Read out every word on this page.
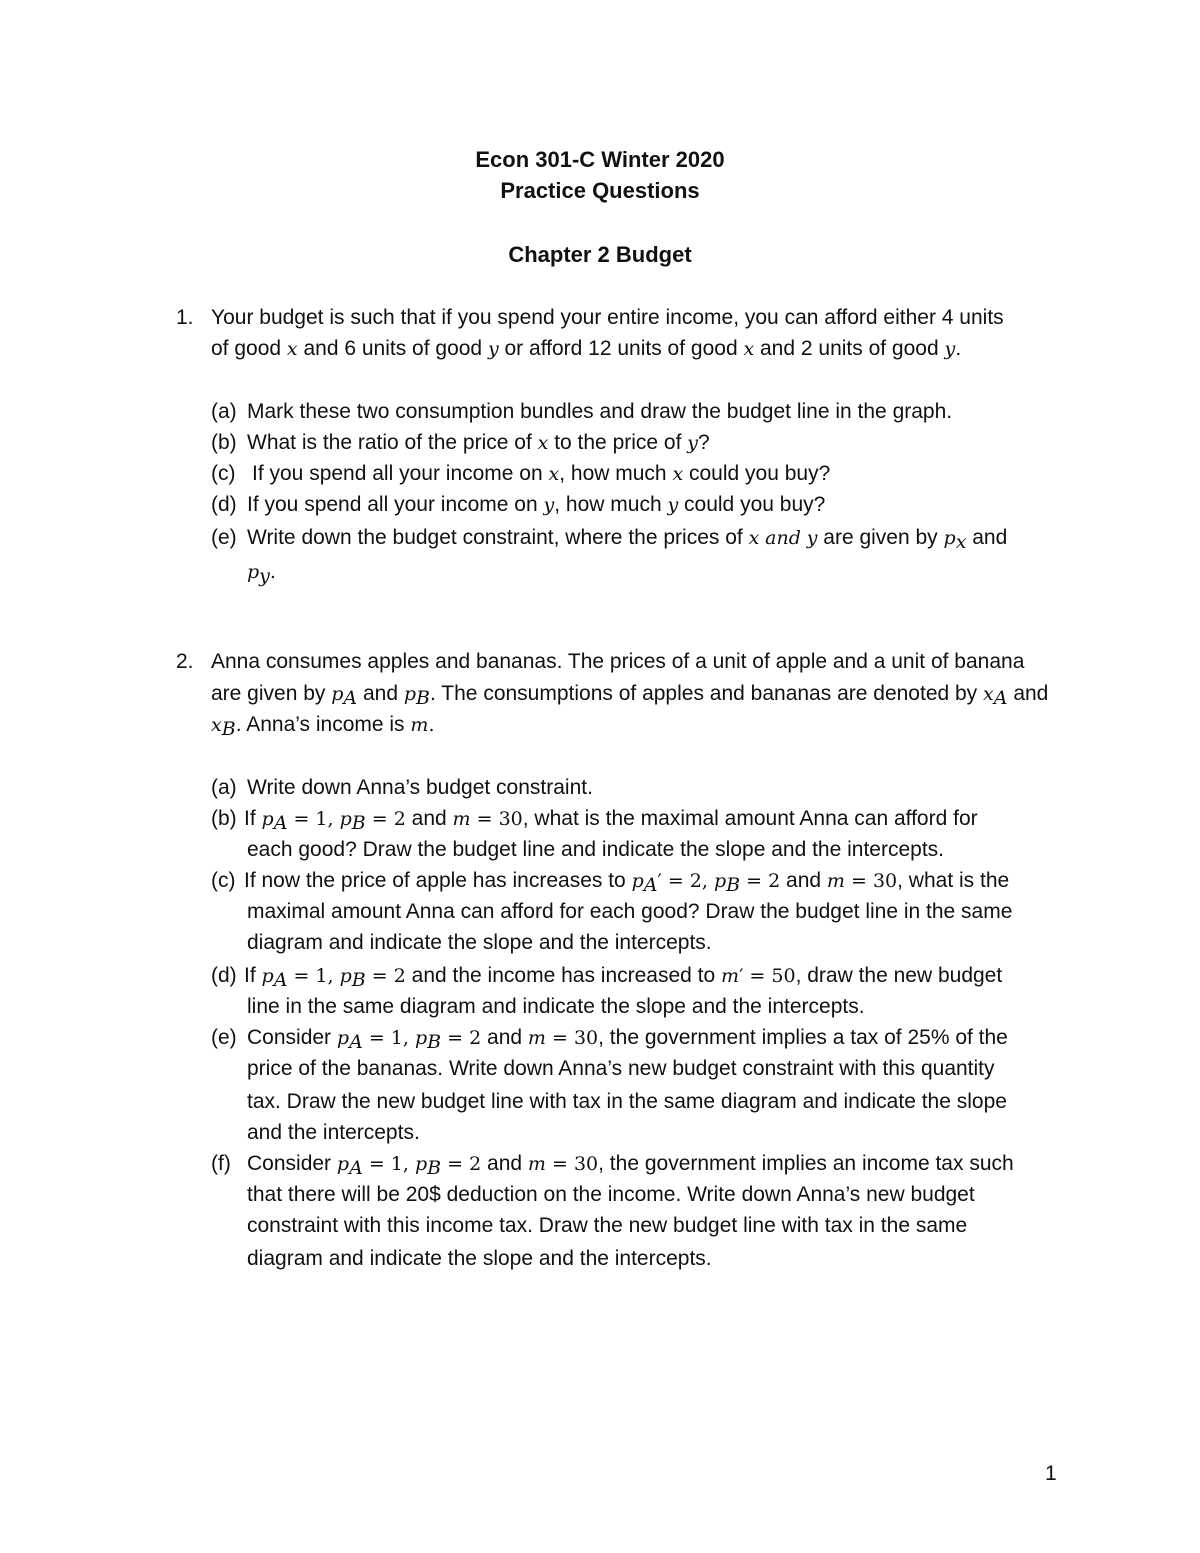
Econ 301-C Winter 2020
Practice Questions
Chapter 2 Budget
1. Your budget is such that if you spend your entire income, you can afford either 4 units
of good x and 6 units of good y or afford 12 units of good x and 2 units of good y.
(a) Mark these two consumption bundles and draw the budget line in the graph.
(b) What is the ratio of the price of x to the price of y?
(c) If you spend all your income on x, how much x could you buy?
(d) If you spend all your income on y, how much y could you buy?
(e) Write down the budget constraint, where the prices of x and y are given by $p_x$ and
$p_y$.
2. Anna consumes apples and bananas. The prices of a unit of apple and a unit of banana
are given by $p_A$ and $p_B$. The consumptions of apples and bananas are denoted by $x_A$ and
$x_B$. Anna’s income is m.
(a) Write down Anna’s budget constraint.
(b) If $p_A = 1$, $p_B = 2$ and m = 30, what is the maximal amount Anna can afford for
each good? Draw the budget line and indicate the slope and the intercepts.
(c) If now the price of apple has increases to $p_A' = 2$, $p_B = 2$ and m = 30, what is the
maximal amount Anna can afford for each good? Draw the budget line in the same
diagram and indicate the slope and the intercepts.
(d) If $p_A = 1$, $p_B = 2$ and the income has increased to m′ = 50, draw the new budget
line in the same diagram and indicate the slope and the intercepts.
(e) Consider $p_A = 1$, $p_B = 2$ and m = 30, the government implies a tax of 25% of the
price of the bananas. Write down Anna’s new budget constraint with this quantity
tax. Draw the new budget line with tax in the same diagram and indicate the slope
and the intercepts.
(f) Consider $p_A = 1$, $p_B = 2$ and m = 30, the government implies an income tax such
that there will be 20$ deduction on the income. Write down Anna’s new budget
constraint with this income tax. Draw the new budget line with tax in the same
diagram and indicate the slope and the intercepts.
1
